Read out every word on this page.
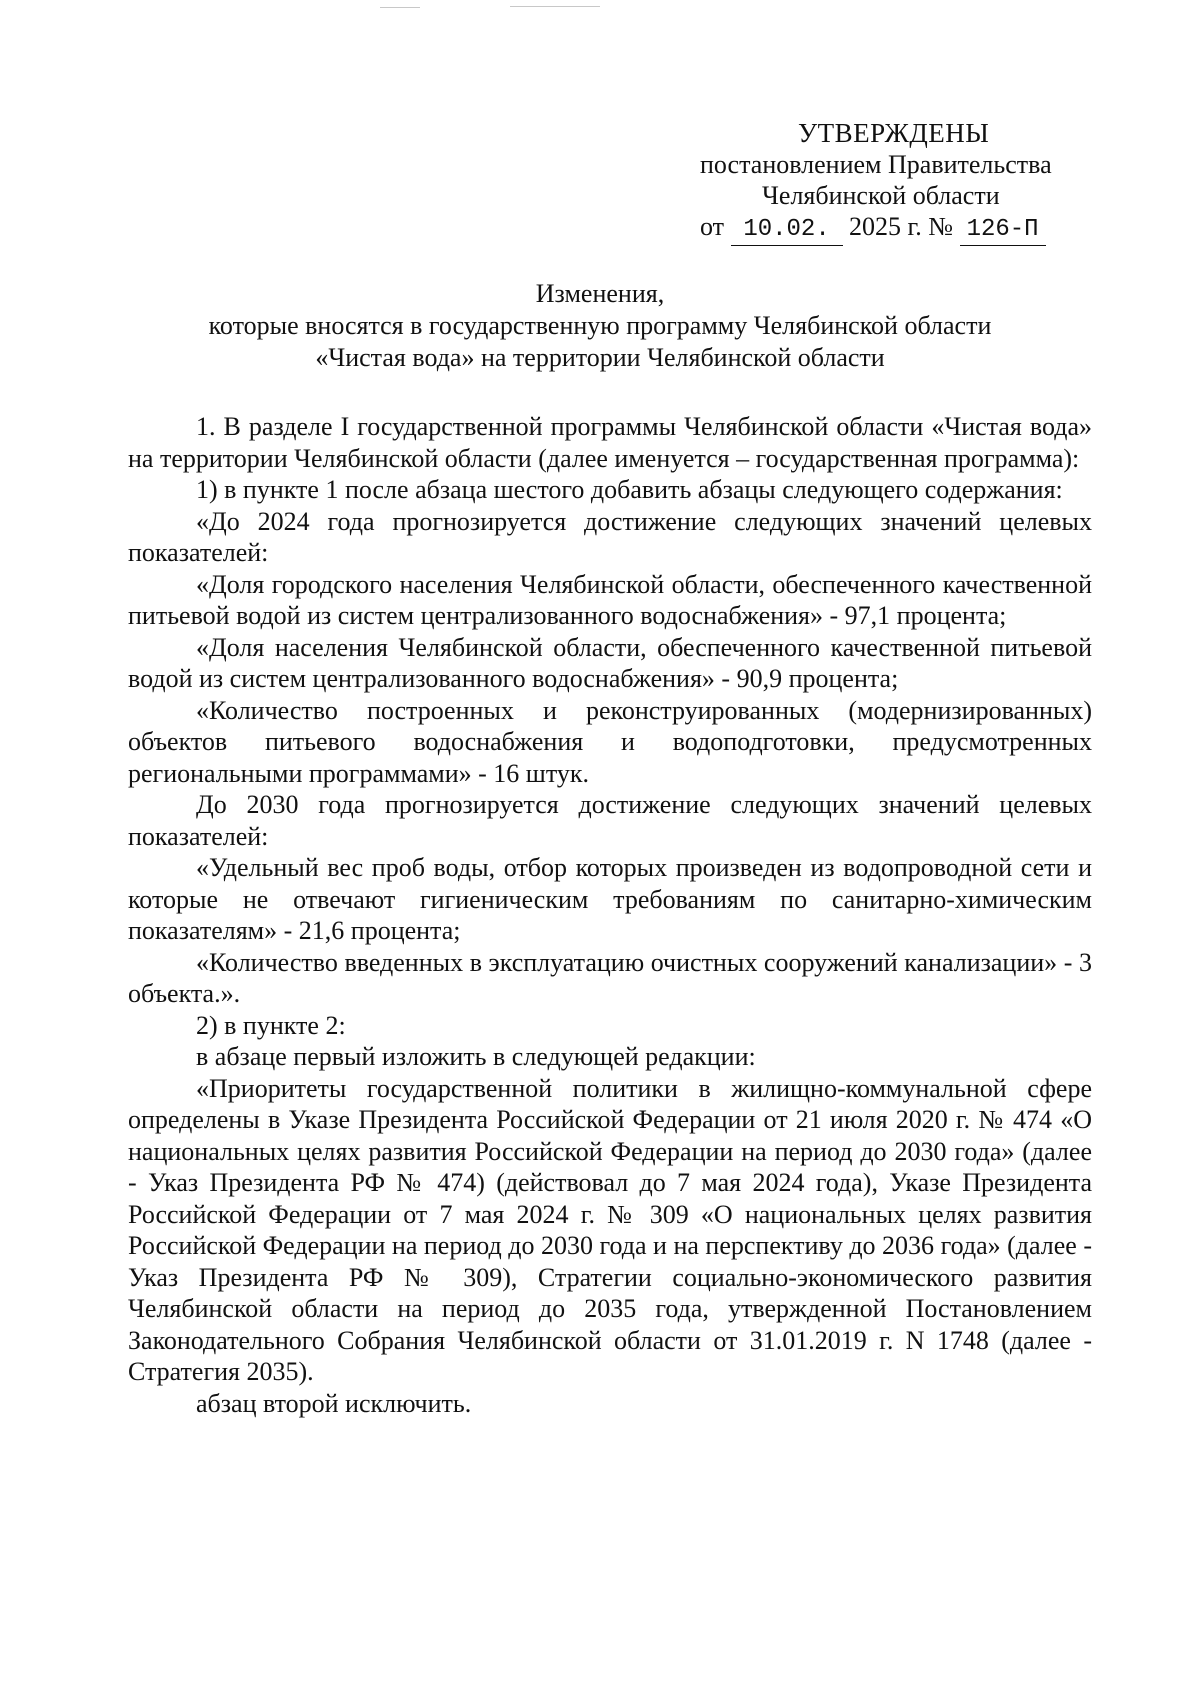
УТВЕРЖДЕНЫ
постановлением Правительства
Челябинской области
от 10.02. 2025 г. № 126-П
Изменения,
которые вносятся в государственную программу Челябинской области
«Чистая вода» на территории Челябинской области

1. В разделе I государственной программы Челябинской области «Чистая вода» на территории Челябинской области (далее именуется – государственная программа):

1) в пункте 1 после абзаца шестого добавить абзацы следующего содержания:

«До 2024 года прогнозируется достижение следующих значений целевых показателей:

«Доля городского населения Челябинской области, обеспеченного качественной питьевой водой из систем централизованного водоснабжения» - 97,1 процента;

«Доля населения Челябинской области, обеспеченного качественной питьевой водой из систем централизованного водоснабжения» - 90,9 процента;

«Количество построенных и реконструированных (модернизированных) объектов питьевого водоснабжения и водоподготовки, предусмотренных региональными программами» - 16 штук.

До 2030 года прогнозируется достижение следующих значений целевых показателей:

«Удельный вес проб воды, отбор которых произведен из водопроводной сети и которые не отвечают гигиеническим требованиям по санитарно-химическим показателям» - 21,6 процента;

«Количество введенных в эксплуатацию очистных сооружений канализации» - 3 объекта.».

2) в пункте 2:

в абзаце первый изложить в следующей редакции:

«Приоритеты государственной политики в жилищно-коммунальной сфере определены в Указе Президента Российской Федерации от 21 июля 2020 г. № 474 «О национальных целях развития Российской Федерации на период до 2030 года» (далее - Указ Президента РФ № 474) (действовал до 7 мая 2024 года), Указе Президента Российской Федерации от 7 мая 2024 г. № 309 «О национальных целях развития Российской Федерации на период до 2030 года и на перспективу до 2036 года» (далее - Указ Президента РФ № 309), Стратегии социально-экономического развития Челябинской области на период до 2035 года, утвержденной Постановлением Законодательного Собрания Челябинской области от 31.01.2019 г. N 1748 (далее - Стратегия 2035).

абзац второй исключить.
